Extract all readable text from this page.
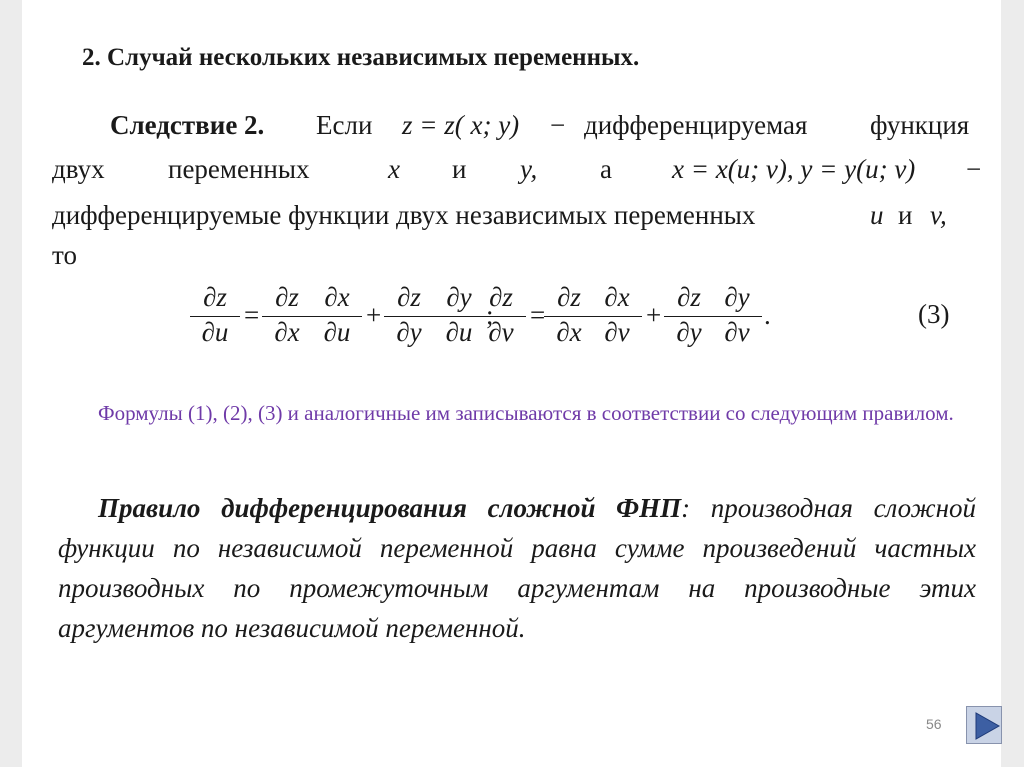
2. Случай нескольких независимых переменных.
Следствие 2. Если z = z( x; y) − дифференцируемая функция
двух переменных	x и y, а x = x(u; v), y = y(u; v) −
дифференцируемые функции двух независимых переменных	u и v,
то
∂z
∂u
=
∂z
∂x
∂x
∂u
+
∂z
∂y
∂y
∂u
;
∂z
∂v
=
∂z
∂x
∂x
∂v
+
∂z
∂y
∂y
∂v
.	(3)
Формулы (1), (2), (3) и аналогичные им записываются в соответствии со следующим правилом.
Правило дифференцирования сложной ФНП: производная сложной функции по независимой переменной равна сумме произведений частных производных по промежуточным аргументам на производные этих аргументов по независимой переменной.
56
